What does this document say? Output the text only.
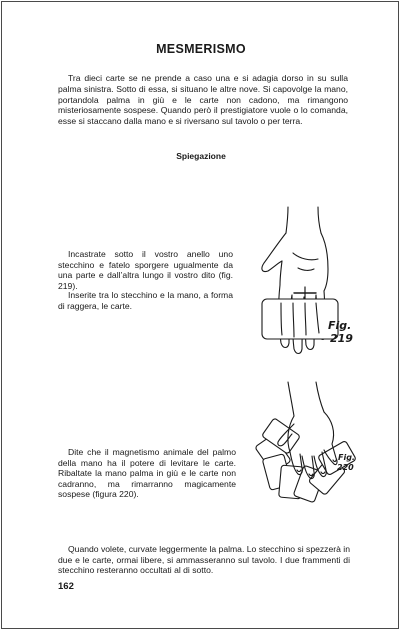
MESMERISMO
Tra dieci carte se ne prende a caso una e si adagia dorso in su sulla palma sinistra. Sotto di essa, si situano le altre nove. Si capovolge la mano, portandola palma in giù e le carte non cadono, ma rimangono misteriosamente sospese. Quando però il prestigiatore vuole o lo comanda, esse si staccano dalla mano e si riversano sul tavolo o per terra.
Spiegazione
Incastrate sotto il vostro anello uno stecchino e fatelo sporgere ugualmente da una parte e dall’altra lungo il vostro dito (fig. 219).
Inserite tra lo stecchino e la mano, a forma di raggera, le carte.
Fig.
219
Dite che il magnetismo animale del palmo della mano ha il potere di levitare le carte. Ribaltate la mano palma in giù e le carte non cadranno, ma rimarranno magicamente sospese (figura 220).
Fig.
220
Quando volete, curvate leggermente la palma. Lo stecchino si spezzerà in due e le carte, ormai libere, si ammasseranno sul tavolo. I due frammenti di stecchino resteranno occultati al di sotto.
162
